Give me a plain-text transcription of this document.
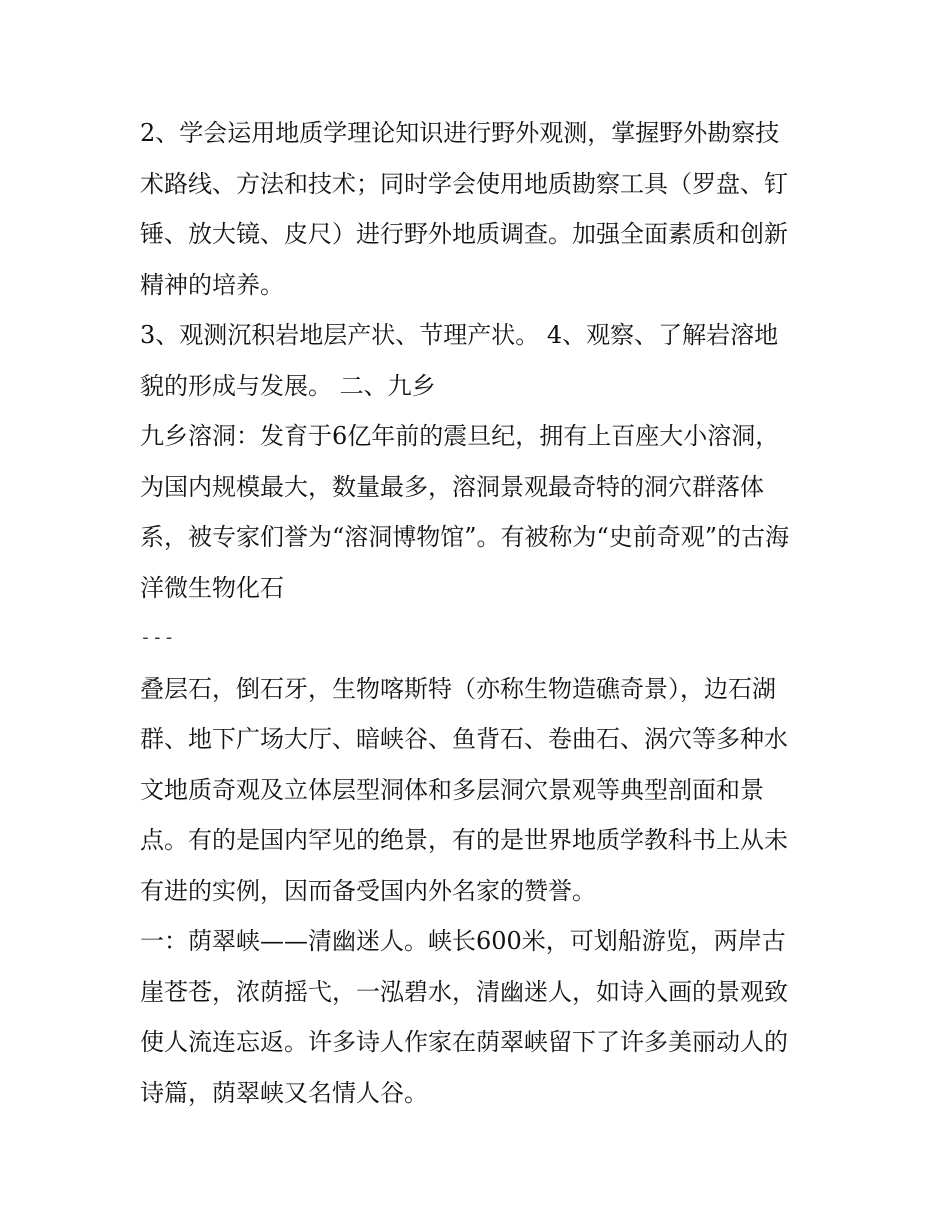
2、学会运用地质学理论知识进行野外观测，掌握野外勘察技
术路线、方法和技术；同时学会使用地质勘察工具（罗盘、钉
锤、放大镜、皮尺）进行野外地质调查。加强全面素质和创新
精神的培养。
3、观测沉积岩地层产状、节理产状。 4、观察、了解岩溶地
貌的形成与发展。 二、九乡
九乡溶洞：发育于6亿年前的震旦纪，拥有上百座大小溶洞，
为国内规模最大，数量最多，溶洞景观最奇特的洞穴群落体
系，被专家们誉为“溶洞博物馆”。有被称为“史前奇观”的古海
洋微生物化石
---
叠层石，倒石牙，生物喀斯特（亦称生物造礁奇景），边石湖
群、地下广场大厅、暗峡谷、鱼背石、卷曲石、涡穴等多种水
文地质奇观及立体层型洞体和多层洞穴景观等典型剖面和景
点。有的是国内罕见的绝景，有的是世界地质学教科书上从未
有进的实例，因而备受国内外名家的赞誉。
一：荫翠峡——清幽迷人。峡长600米，可划船游览，两岸古
崖苍苍，浓荫摇弋，一泓碧水，清幽迷人，如诗入画的景观致
使人流连忘返。许多诗人作家在荫翠峡留下了许多美丽动人的
诗篇，荫翠峡又名情人谷。
